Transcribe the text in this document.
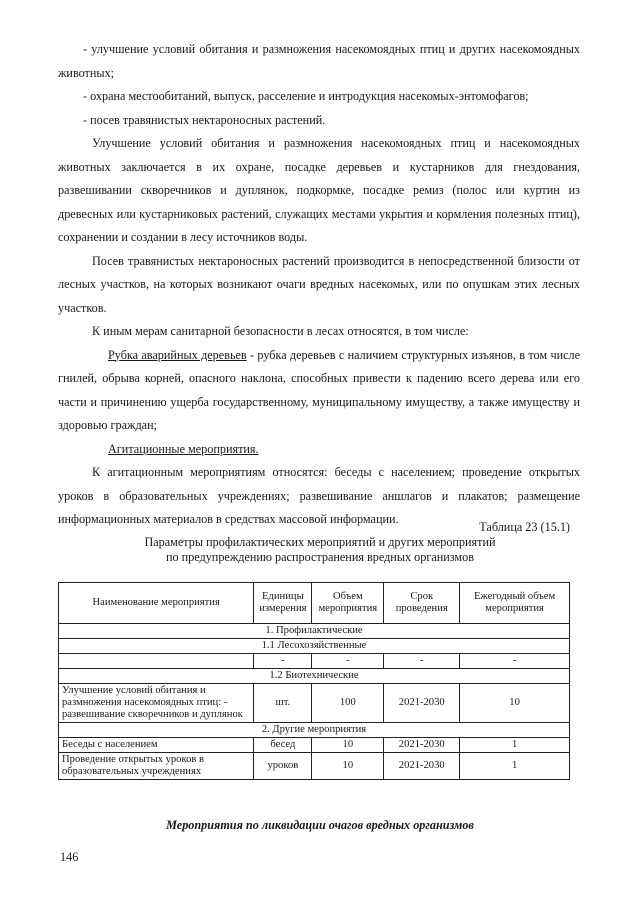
- улучшение условий обитания и размножения насекомоядных птиц и других насекомоядных животных;

- охрана местообитаний, выпуск, расселение и интродукция насекомых-энтомофагов;

- посев травянистых нектароносных растений.

Улучшение условий обитания и размножения насекомоядных птиц и насекомоядных животных заключается в их охране, посадке деревьев и кустарников для гнездования, развешивании скворечников и дуплянок, подкормке, посадке ремиз (полос или куртин из древесных или кустарниковых растений, служащих местами укрытия и кормления полезных птиц), сохранении и создании в лесу источников воды.

Посев травянистых нектароносных растений производится в непосредственной близости от лесных участков, на которых возникают очаги вредных насекомых, или по опушкам этих лесных участков.

К иным мерам санитарной безопасности в лесах относятся, в том числе:

Рубка аварийных деревьев - рубка деревьев с наличием структурных изъянов, в том числе гнилей, обрыва корней, опасного наклона, способных привести к падению всего дерева или его части и причинению ущерба государственному, муниципальному имуществу, а также имуществу и здоровью граждан;

Агитационные мероприятия.

К агитационным мероприятиям относятся: беседы с населением; проведение открытых уроков в образовательных учреждениях; развешивание аншлагов и плакатов; размещение информационных материалов в средствах массовой информации.

Таблица 23 (15.1)
Параметры профилактических мероприятий и других мероприятий
по предупреждению распространения вредных организмов
Наименование мероприятия	Единицы измерения	Объем мероприятия	Срок проведения	Ежегодный объем мероприятия
1. Профилактические				
1.1 Лесохозяйственные				
	-	-	-	-
1.2 Биотехнические				
Улучшение условий обитания и размножения насекомоядных птиц: - развешивание скворечников и дуплянок	шт.	100	2021-2030	10
2. Другие мероприятия				
Беседы с населением	бесед	10	2021-2030	1
Проведение открытых уроков в образовательных учреждениях	уроков	10	2021-2030	1
Мероприятия по ликвидации очагов вредных организмов
146
